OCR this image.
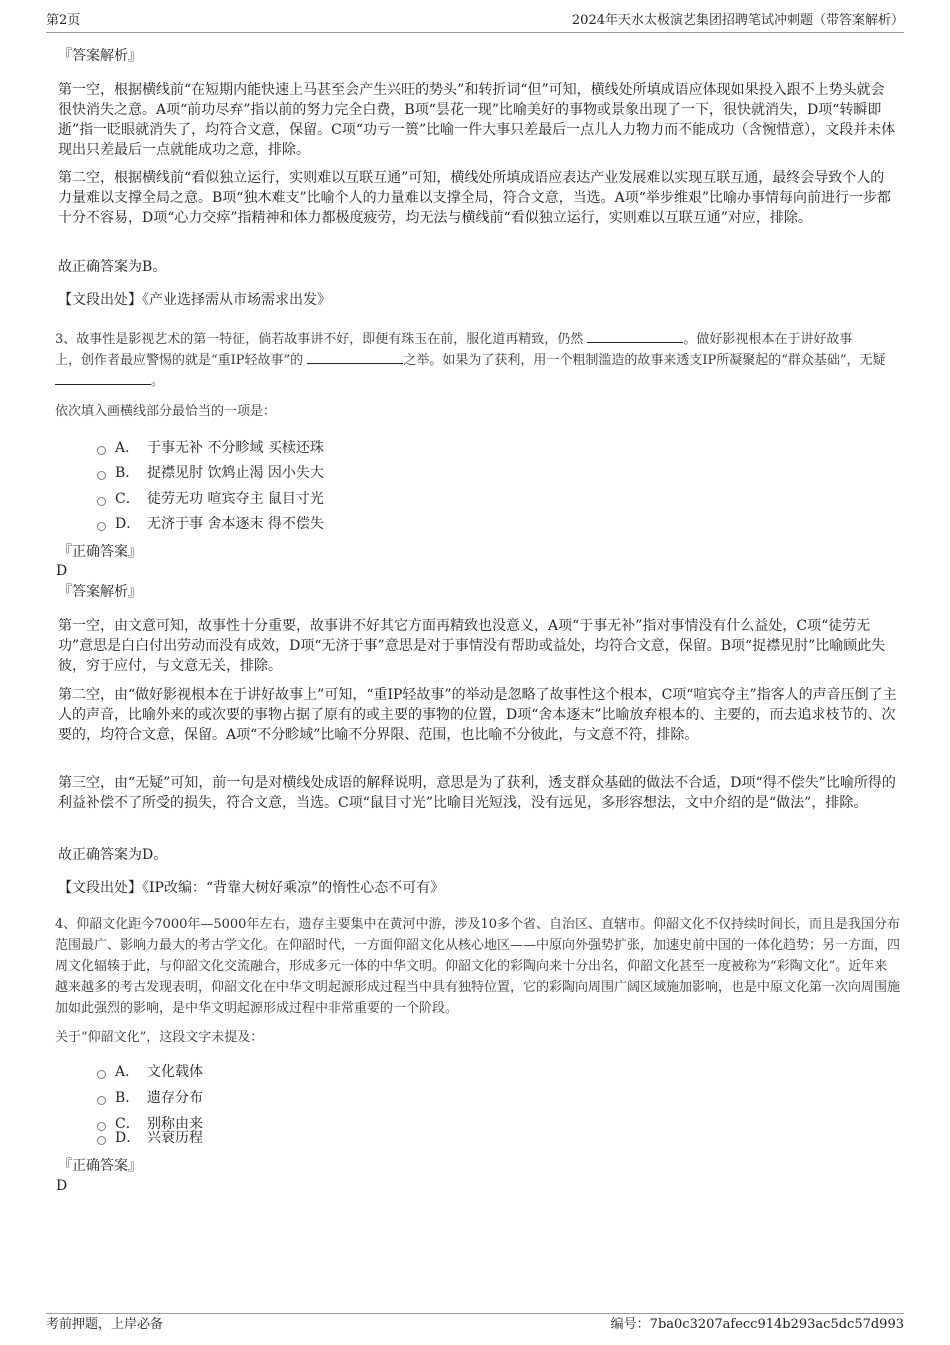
第2页	2024年天水太极演艺集团招聘笔试冲刺题（带答案解析）

『答案解析』

第一空，根据横线前“在短期内能快速上马甚至会产生兴旺的势头”和转折词“但”可知，横线处所填成语应体现如果投入跟不上势头就会很快消失之意。A项“前功尽弃”指以前的努力完全白费，B项“昙花一现”比喻美好的事物或景象出现了一下，很快就消失，D项“转瞬即逝”指一眨眼就消失了，均符合文意，保留。C项“功亏一篑”比喻一件大事只差最后一点儿人力物力而不能成功（含惋惜意），文段并未体现出只差最后一点就能成功之意，排除。

第二空，根据横线前“看似独立运行，实则难以互联互通”可知，横线处所填成语应表达产业发展难以实现互联互通，最终会导致个人的力量难以支撑全局之意。B项“独木难支”比喻个人的力量难以支撑全局，符合文意，当选。A项“举步维艰”比喻办事情每向前进行一步都十分不容易，D项“心力交瘁”指精神和体力都极度疲劳，均无法与横线前“看似独立运行，实则难以互联互通”对应，排除。

故正确答案为B。

【文段出处】《产业选择需从市场需求出发》

3、故事性是影视艺术的第一特征，倘若故事讲不好，即便有珠玉在前，服化道再精致，仍然	。做好影视根本在于讲好故事
上，创作者最应警惕的就是“重IP轻故事”的	之举。如果为了获利，用一个粗制滥造的故事来透支IP所凝聚起的“群众基础”，无疑
。

依次填入画横线部分最恰当的一项是：

A． 于事无补 不分畛域 买椟还珠
B． 捉襟见肘 饮鸩止渴 因小失大
C． 徒劳无功 喧宾夺主 鼠目寸光
D． 无济于事 舍本逐末 得不偿失

『正确答案』

D

『答案解析』

第一空，由文意可知，故事性十分重要，故事讲不好其它方面再精致也没意义，A项“于事无补”指对事情没有什么益处，C项“徒劳无功”意思是白白付出劳动而没有成效，D项“无济于事”意思是对于事情没有帮助或益处，均符合文意，保留。B项“捉襟见肘”比喻顾此失彼，穷于应付，与文意无关，排除。

第二空，由“做好影视根本在于讲好故事上”可知，“重IP轻故事”的举动是忽略了故事性这个根本，C项“喧宾夺主”指客人的声音压倒了主人的声音，比喻外来的或次要的事物占据了原有的或主要的事物的位置，D项“舍本逐末”比喻放弃根本的、主要的，而去追求枝节的、次要的，均符合文意，保留。A项“不分畛域”比喻不分界限、范围，也比喻不分彼此，与文意不符，排除。

第三空，由“无疑”可知，前一句是对横线处成语的解释说明，意思是为了获利，透支群众基础的做法不合适，D项“得不偿失”比喻所得的利益补偿不了所受的损失，符合文意，当选。C项“鼠目寸光”比喻目光短浅，没有远见，多形容想法，文中介绍的是“做法”，排除。

故正确答案为D。

【文段出处】《IP改编：“背靠大树好乘凉”的惰性心态不可有》

4、仰韶文化距今7000年—5000年左右，遗存主要集中在黄河中游，涉及10多个省、自治区、直辖市。仰韶文化不仅持续时间长，而且是我国分布范围最广、影响力最大的考古学文化。在仰韶时代，一方面仰韶文化从核心地区——中原向外强势扩张，加速史前中国的一体化趋势；另一方面，四周文化辐辏于此，与仰韶文化交流融合，形成多元一体的中华文明。仰韶文化的彩陶向来十分出名，仰韶文化甚至一度被称为“彩陶文化”。近年来越来越多的考古发现表明，仰韶文化在中华文明起源形成过程当中具有独特位置，它的彩陶向周围广阔区域施加影响，也是中原文化第一次向周围施加如此强烈的影响，是中华文明起源形成过程中非常重要的一个阶段。

关于“仰韶文化”，这段文字未提及：

A． 文化载体
B． 遗存分布
C． 别称由来
D． 兴衰历程

『正确答案』

D

考前押题，上岸必备	编号：7ba0c3207afecc914b293ac5dc57d993
